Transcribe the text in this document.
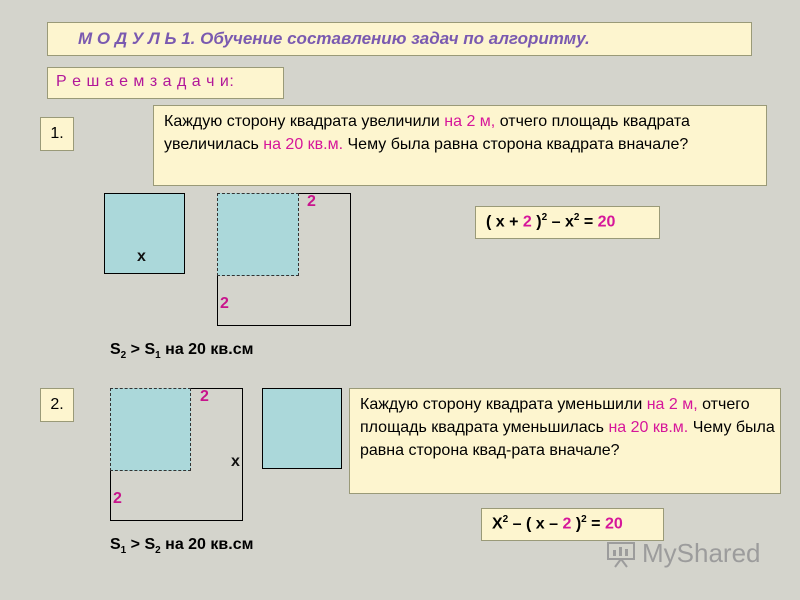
М О Д У Л Ь 1. Обучение составлению задач по алгоритму.
Р е ш а е м з а д а ч и:
1.
Каждую сторону квадрата увеличили на 2 м, отчего площадь квадрата увеличилась на 20 кв.м. Чему была равна сторона квадрата вначале?
х
2
2
( х + 2 )$^2 - х^2 = 20$
$S_2 > S_1$ на 20 кв.см
2.	2
х
2
Каждую сторону квадрата уменьшили на 2 м, отчего площадь квадрата уменьшилась на 20 кв.м. Чему была равна сторона квад-рата вначале?
$Х^2$ – ( х – 2 )$^2$ = 20
$S_1 > S_2$ на 20 кв.см	MyShared
